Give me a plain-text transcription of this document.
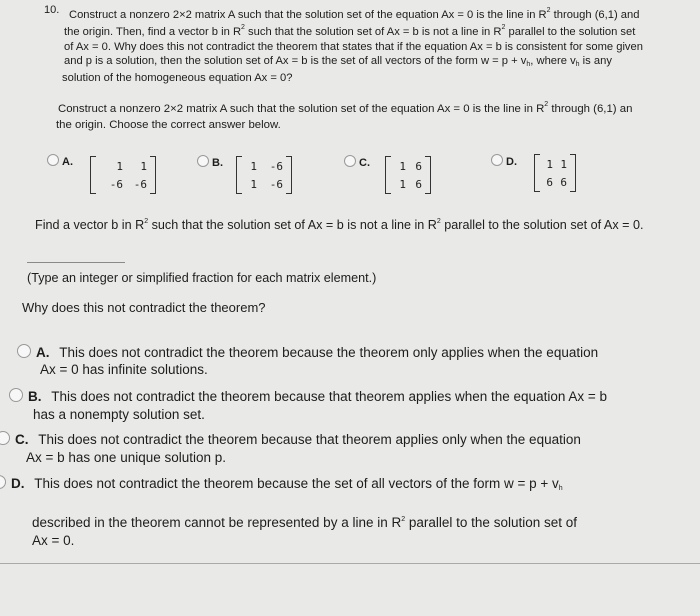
10. Construct a nonzero 2×2 matrix A such that the solution set of the equation Ax = 0 is the line in $R^2$ through (6,1) and
the origin. Then, find a vector b in $R^2$ such that the solution set of Ax = b is not a line in $R^2$ parallel to the solution set
of Ax = 0. Why does this not contradict the theorem that states that if the equation Ax = b is consistent for some given
and p is a solution, then the solution set of Ax = b is the set of all vectors of the form $w = p + v_h$, where $v_h$ is any
solution of the homogeneous equation Ax = 0?
Construct a nonzero 2×2 matrix A such that the solution set of the equation Ax = 0 is the line in $R^2$ through (6,1) an
the origin. Choose the correct answer below.
A.	1	1
-6 -6
B.	1	-6
1	-6
C.	1 6
1 6
D.	1 1
6 6
Find a vector b in $R^2$ such that the solution set of Ax = b is not a line in $R^2$ parallel to the solution set of Ax = 0.
(Type an integer or simplified fraction for each matrix element.)
Why does this not contradict the theorem?
A. This does not contradict the theorem because the theorem only applies when the equation
Ax = 0 has infinite solutions.
B. This does not contradict the theorem because that theorem applies when the equation Ax = b
has a nonempty solution set.
C. This does not contradict the theorem because that theorem applies only when the equation
Ax = b has one unique solution p.
D. This does not contradict the theorem because the set of all vectors of the form $w = p + v_h$
described in the theorem cannot be represented by a line in $R^2$ parallel to the solution set of
Ax = 0.
